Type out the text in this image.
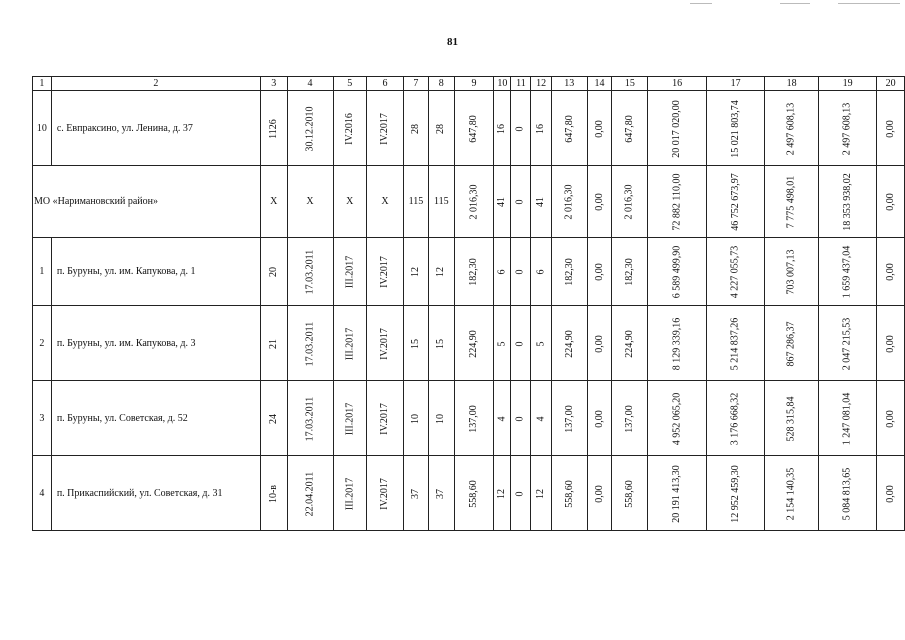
81
1	2	3	4	5	6	7	8	9	10	11	12	13	14	15	16	17	18	19	20
10	с. Евпраксино, ул. Ленина, д. 37	1126	30.12.2010	IV.2016	IV.2017	28	28	647,80	16	0	16	647,80	0,00	647,80	20 017 020,00	15 021 803,74	2 497 608,13	2 497 608,13	0,00
МО «Наримановский район»		X	X	X	X	115	115	2 016,30	41	0	41	2 016,30	0,00	2 016,30	72 882 110,00	46 752 673,97	7 775 498,01	18 353 938,02	0,00
1	п. Буруны, ул. им. Капукова, д. 1	20	17.03.2011	III.2017	IV.2017	12	12	182,30	6	0	6	182,30	0,00	182,30	6 589 499,90	4 227 055,73	703 007,13	1 659 437,04	0,00
2	п. Буруны, ул. им. Капукова, д. 3	21	17.03.2011	III.2017	IV.2017	15	15	224,90	5	0	5	224,90	0,00	224,90	8 129 339,16	5 214 837,26	867 286,37	2 047 215,53	0,00
3	п. Буруны, ул. Советская, д. 52	24	17.03.2011	III.2017	IV.2017	10	10	137,00	4	0	4	137,00	0,00	137,00	4 952 065,20	3 176 668,32	528 315,84	1 247 081,04	0,00
4	п. Прикаспийский, ул. Советская, д. 31	10-в	22.04.2011	III.2017	IV.2017	37	37	558,60	12	0	12	558,60	0,00	558,60	20 191 413,30	12 952 459,30	2 154 140,35	5 084 813,65	0,00
